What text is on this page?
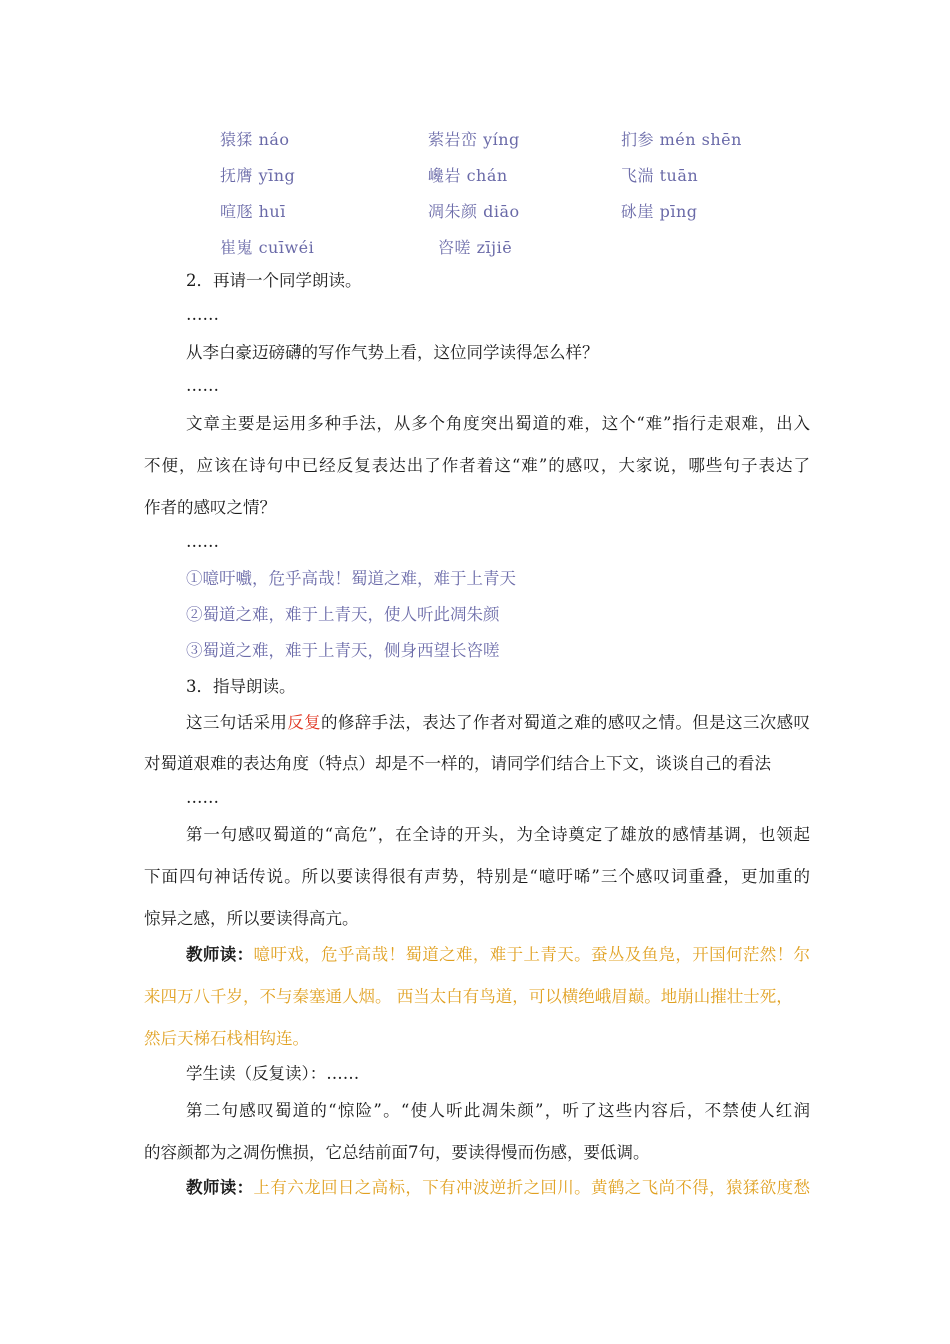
猿猱 náo	萦岩峦 yíng	扪参 mén shēn
抚膺 yīng	巉岩 chán	飞湍 tuān
喧豗 huī	凋朱颜 diāo	砯崖 pīng
崔嵬 cuīwéi	咨嗟 zījiē
2．再请一个同学朗读。
……
从李白豪迈磅礴的写作气势上看，这位同学读得怎么样？
……
文章主要是运用多种手法，从多个角度突出蜀道的难，这个“难”指行走艰难，出入
不便，应该在诗句中已经反复表达出了作者着这“难”的感叹，大家说，哪些句子表达了
作者的感叹之情？
……
①噫吁嚱，危乎高哉！蜀道之难，难于上青天
②蜀道之难，难于上青天，使人听此凋朱颜
③蜀道之难，难于上青天，侧身西望长咨嗟
3．指导朗读。
这三句话采用反复的修辞手法，表达了作者对蜀道之难的感叹之情。但是这三次感叹
对蜀道艰难的表达角度（特点）却是不一样的，请同学们结合上下文，谈谈自己的看法
……
第一句感叹蜀道的“高危”，在全诗的开头，为全诗奠定了雄放的感情基调，也领起
下面四句神话传说。所以要读得很有声势，特别是“噫吁唏”三个感叹词重叠，更加重的
惊异之感，所以要读得高亢。
教师读：噫吁戏，危乎高哉！蜀道之难，难于上青天。蚕丛及鱼凫，开国何茫然！尔
来四万八千岁，不与秦塞通人烟。 西当太白有鸟道，可以横绝峨眉巅。地崩山摧壮士死，
然后天梯石栈相钩连。
学生读（反复读）：……
第二句感叹蜀道的“惊险”。“使人听此凋朱颜”，听了这些内容后，不禁使人红润
的容颜都为之凋伤憔损，它总结前面7句，要读得慢而伤感，要低调。
教师读：上有六龙回日之高标，下有冲波逆折之回川。黄鹤之飞尚不得，猿猱欲度愁
